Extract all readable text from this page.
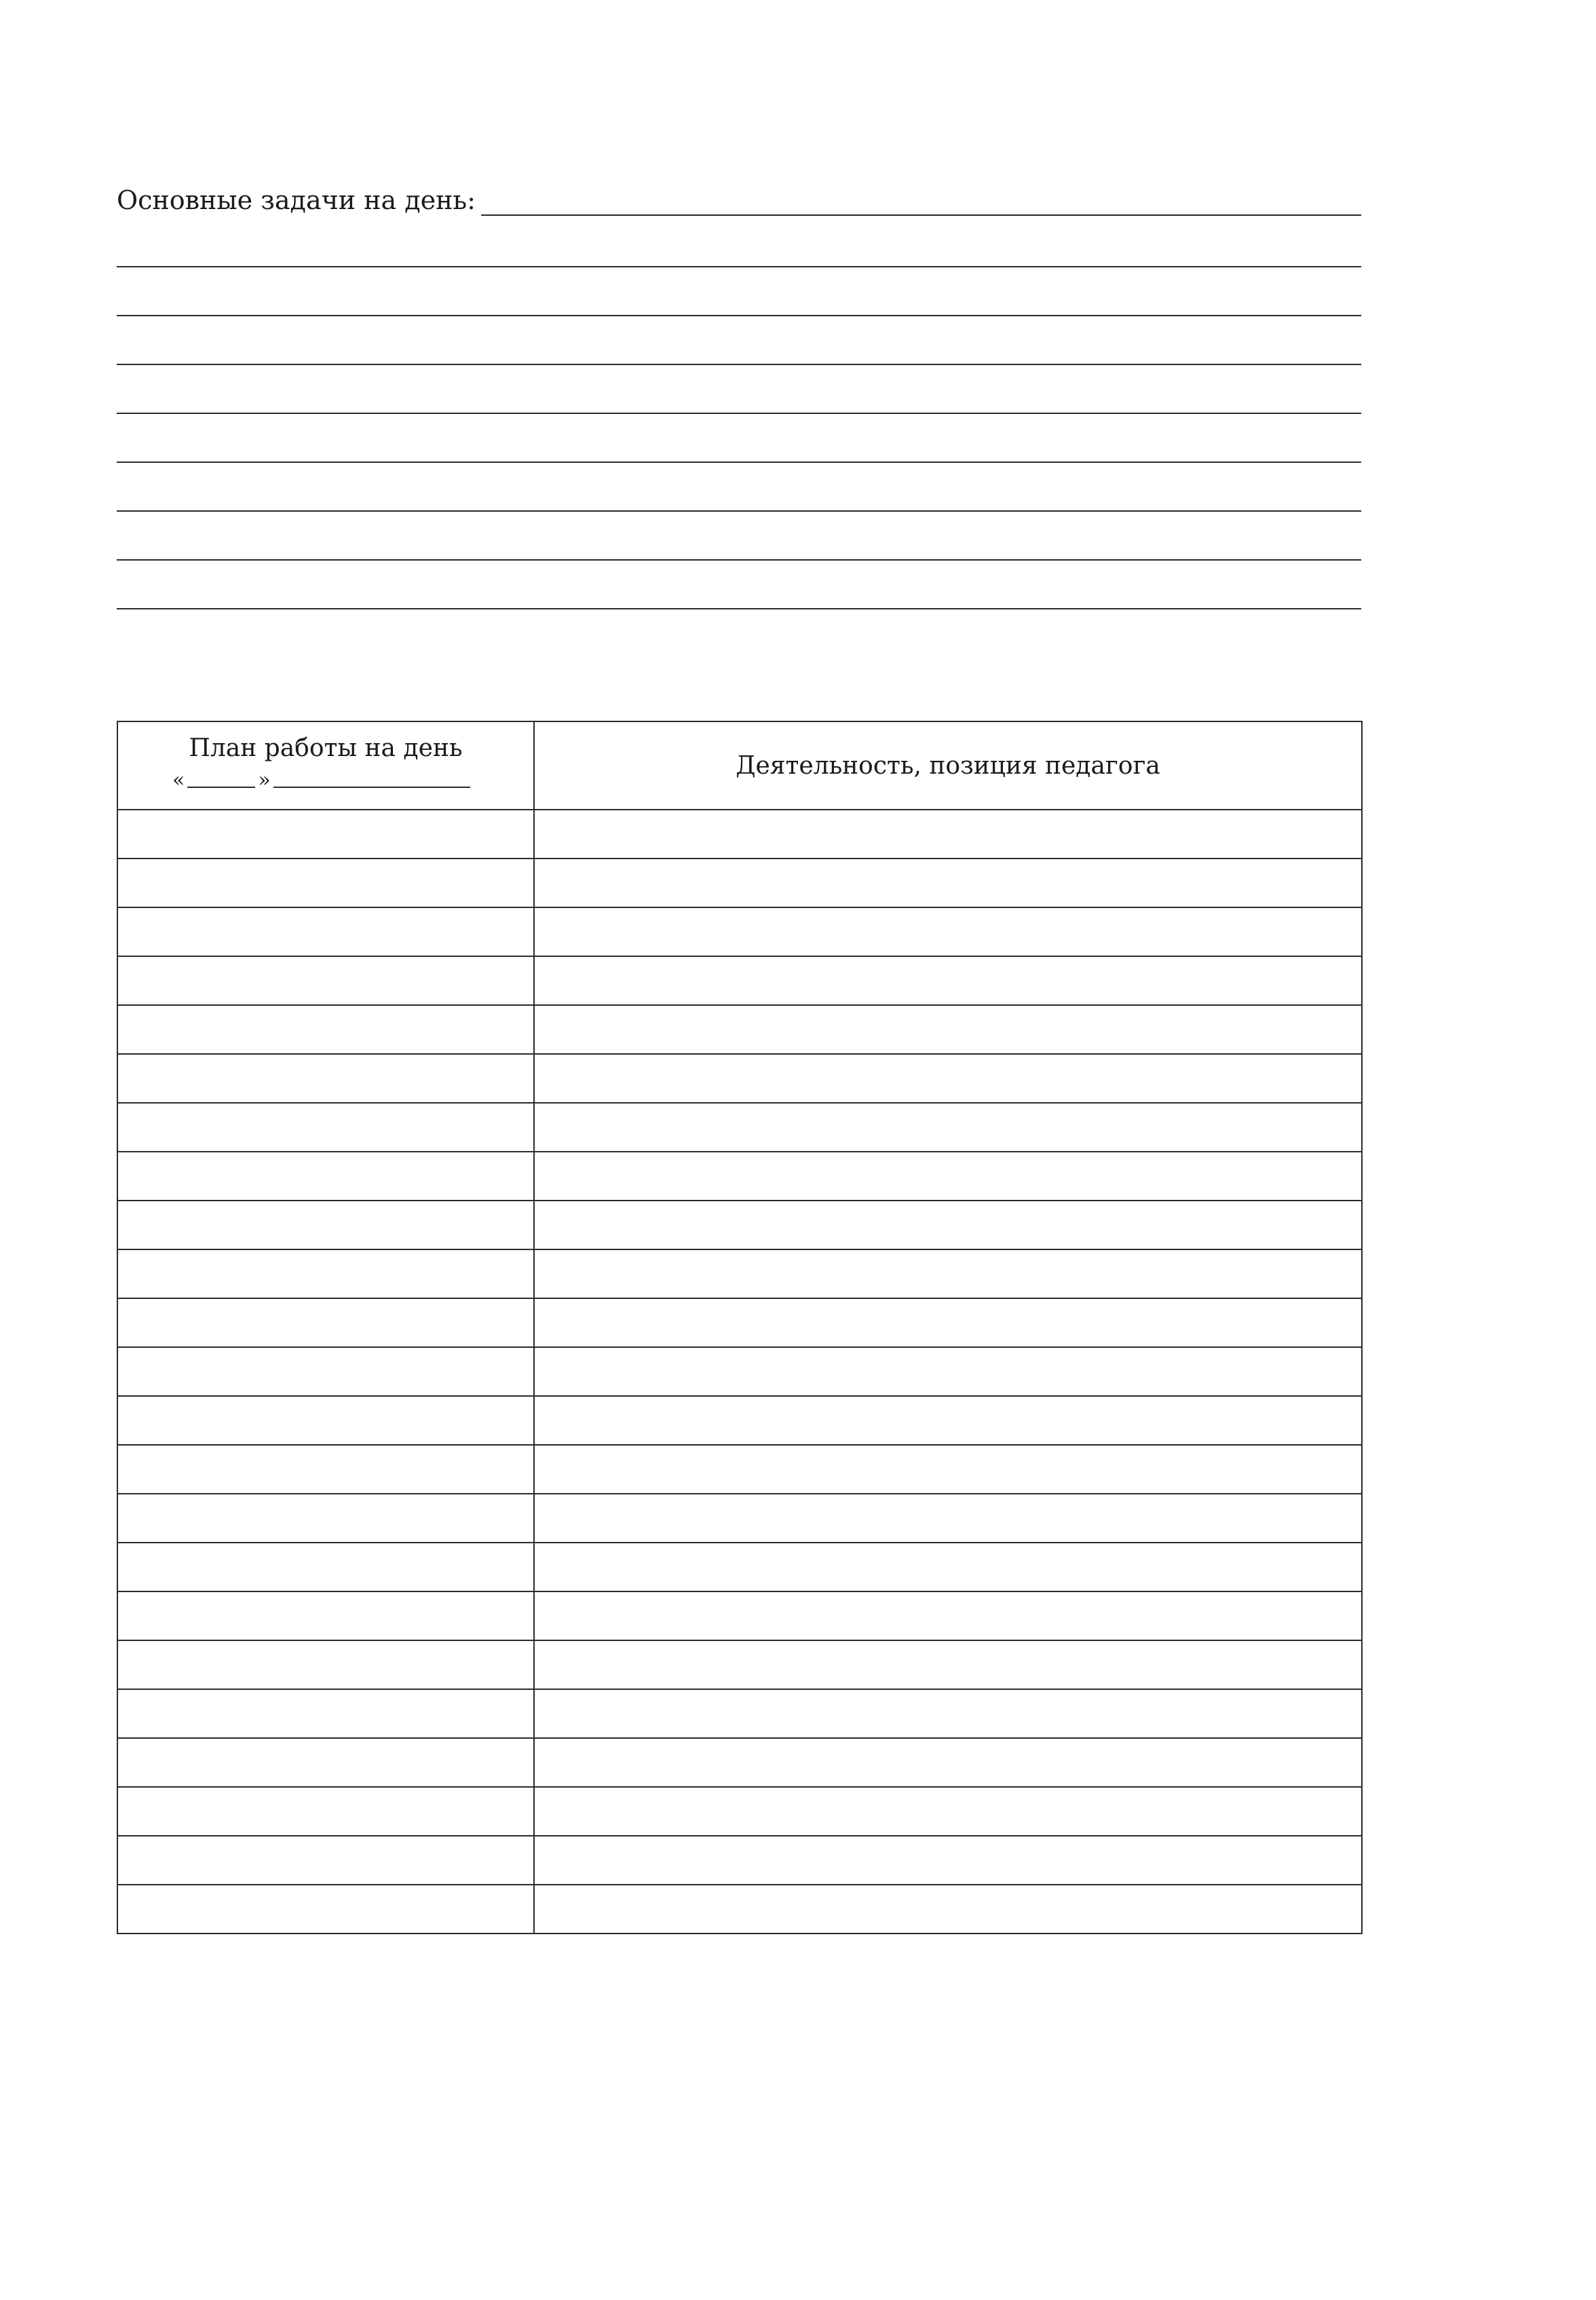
Основные задачи на день:
План работы на день
« »	Деятельность, позиция педагога
